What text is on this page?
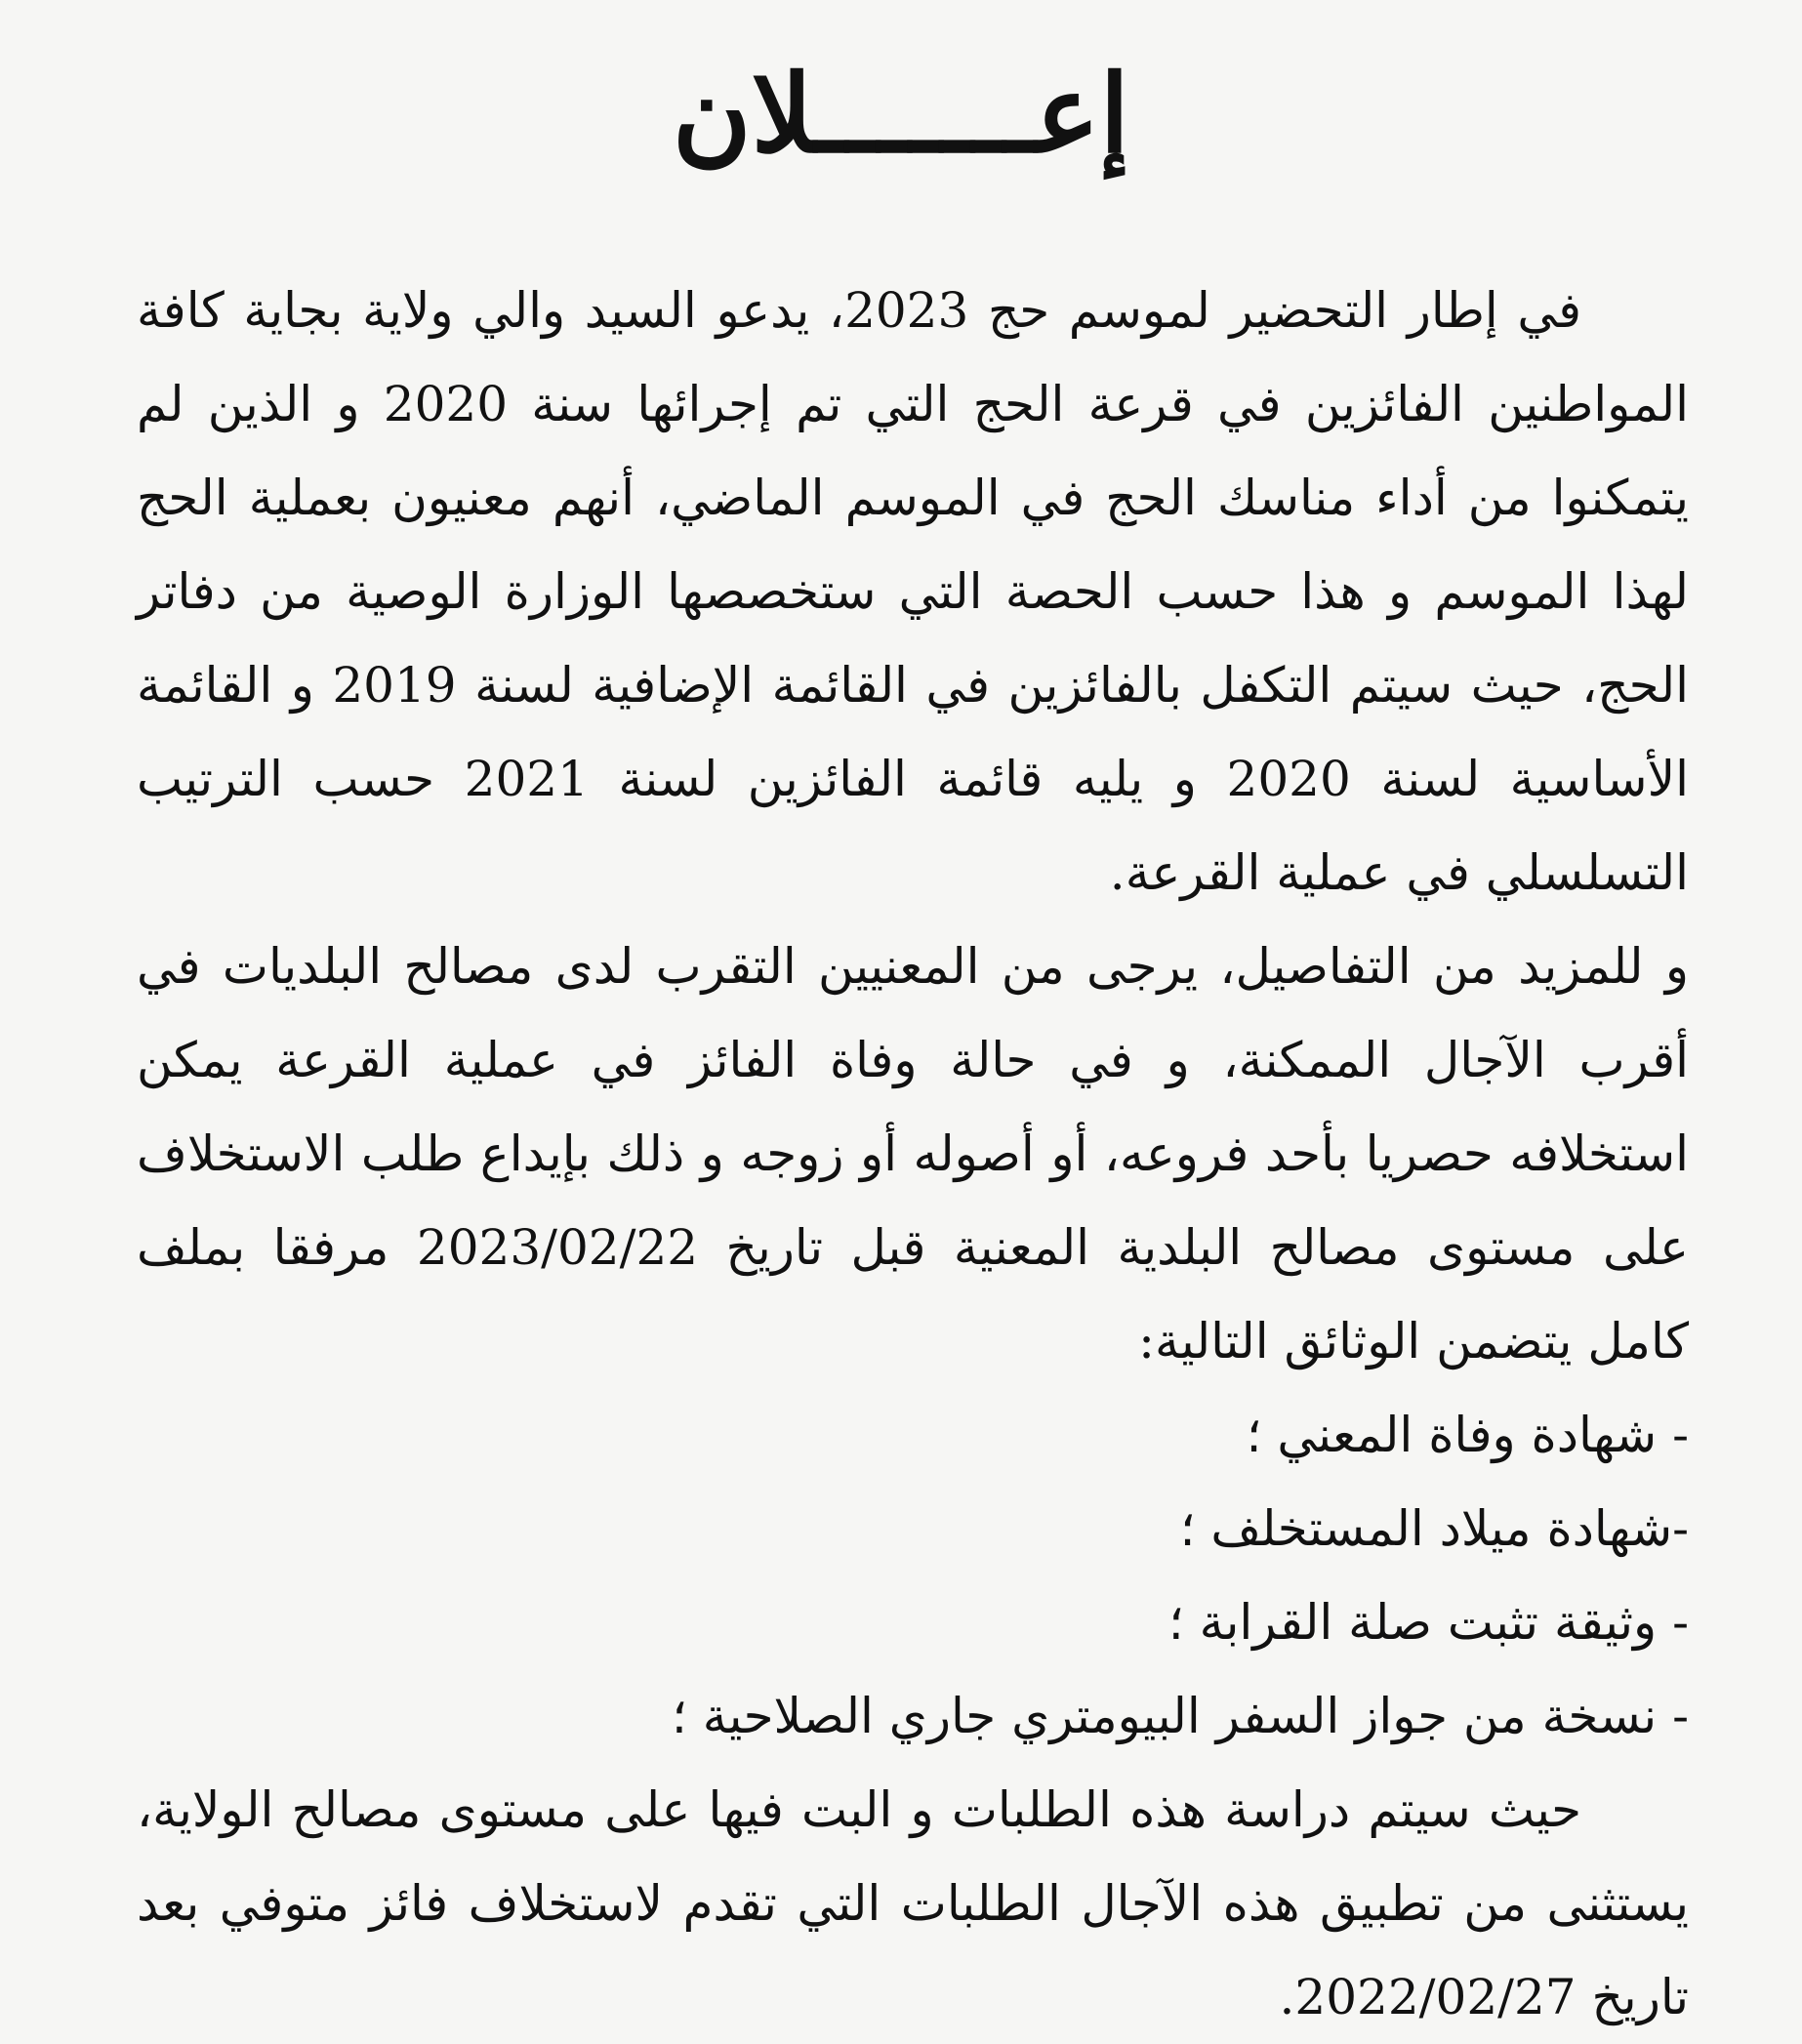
إعـــــــلان

في إطار التحضير لموسم حج 2023، يدعو السيد والي ولاية بجاية كافة المواطنين الفائزين في قرعة الحج التي تم إجرائها سنة 2020 و الذين لم يتمكنوا من أداء مناسك الحج في الموسم الماضي، أنهم معنيون بعملية الحج لهذا الموسم و هذا حسب الحصة التي ستخصصها الوزارة الوصية من دفاتر الحج، حيث سيتم التكفل بالفائزين في القائمة الإضافية لسنة 2019 و القائمة الأساسية لسنة 2020 و يليه قائمة الفائزين لسنة 2021 حسب الترتيب التسلسلي في عملية القرعة.

و للمزيد من التفاصيل، يرجى من المعنيين التقرب لدى مصالح البلديات في أقرب الآجال الممكنة، و في حالة وفاة الفائز في عملية القرعة يمكن استخلافه حصريا بأحد فروعه، أو أصوله أو زوجه و ذلك بإيداع طلب الاستخلاف على مستوى مصالح البلدية المعنية قبل تاريخ 2023/02/22 مرفقا بملف كامل يتضمن الوثائق التالية:

- شهادة وفاة المعني ؛
-شهادة ميلاد المستخلف ؛
- وثيقة تثبت صلة القرابة ؛
- نسخة من جواز السفر البيومتري جاري الصلاحية ؛

حيث سيتم دراسة هذه الطلبات و البت فيها على مستوى مصالح الولاية، يستثنى من تطبيق هذه الآجال الطلبات التي تقدم لاستخلاف فائز متوفي بعد تاريخ 2022/02/27.
